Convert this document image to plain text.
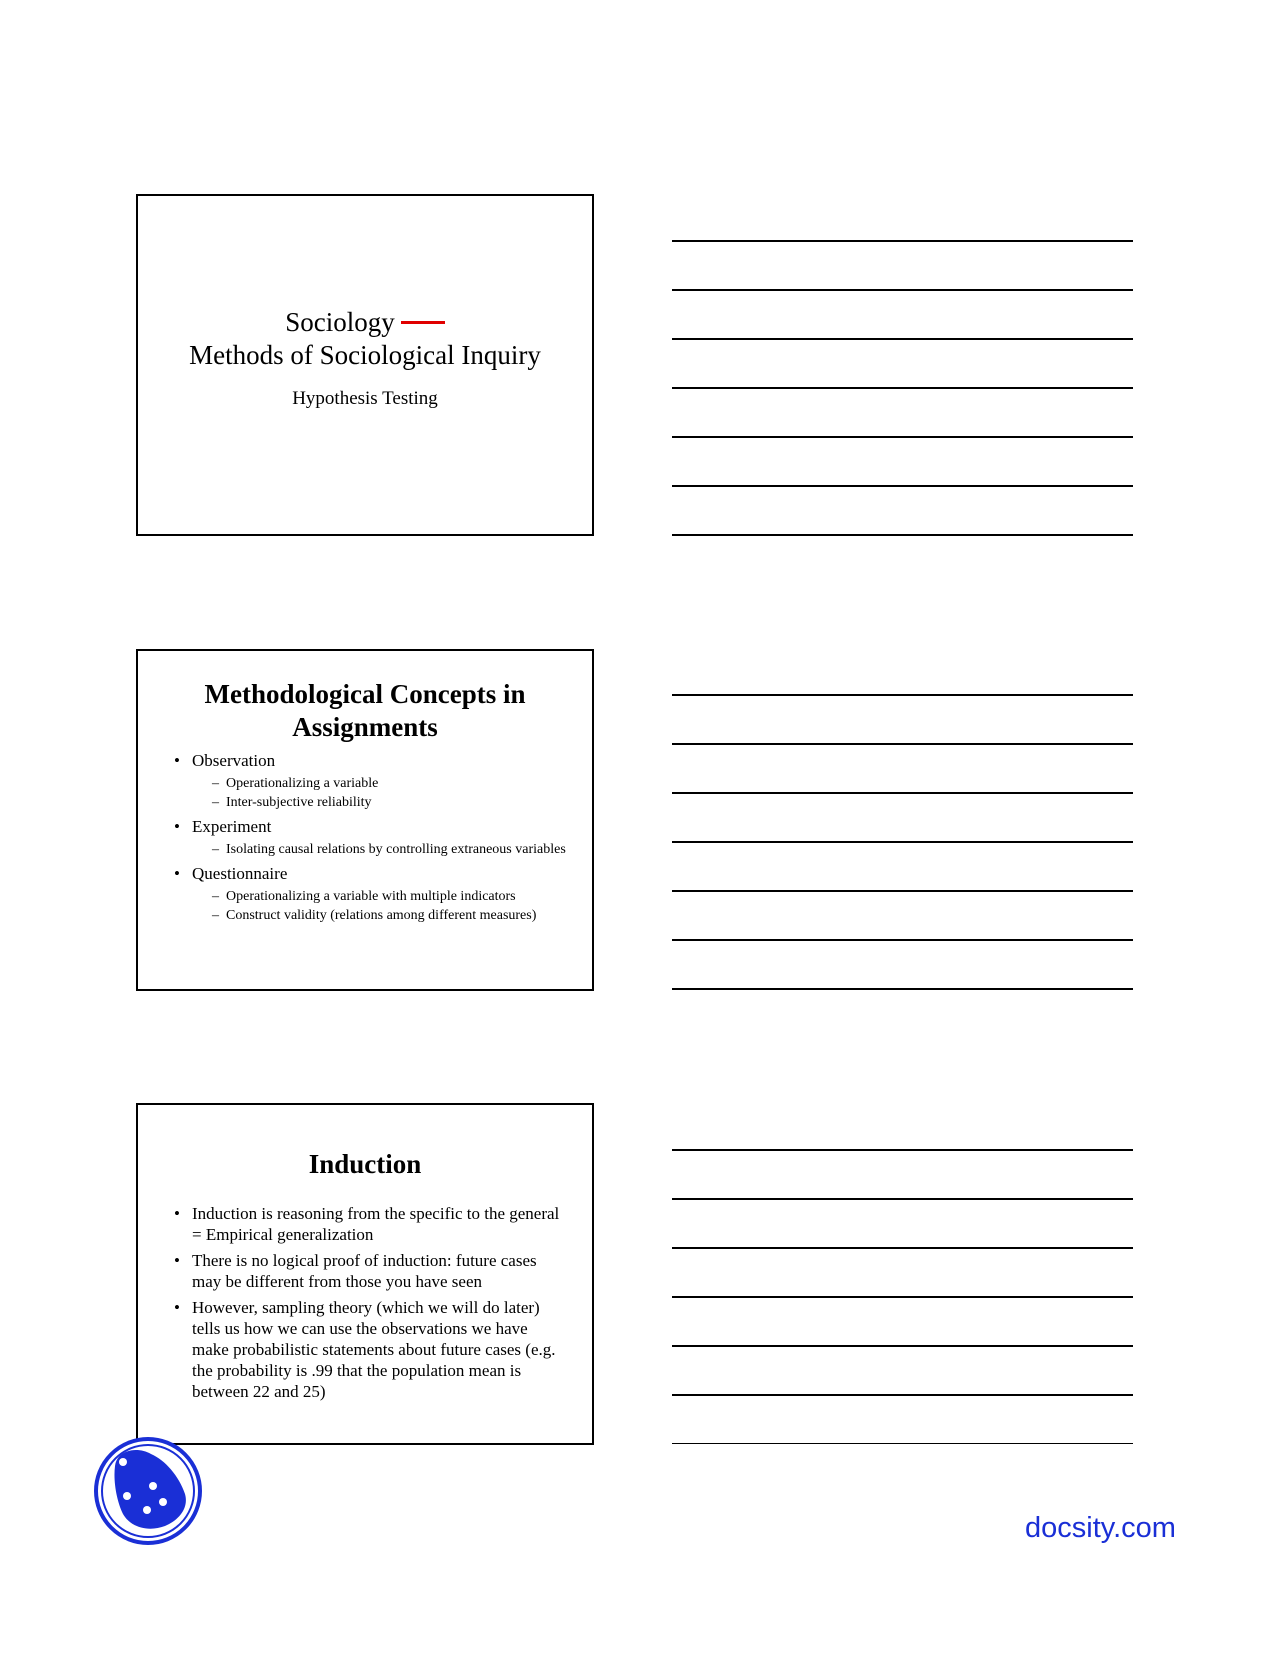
Sociology
Methods of Sociological Inquiry
Hypothesis Testing
Methodological Concepts in Assignments
• Observation
– Operationalizing a variable
– Inter-subjective reliability
• Experiment
– Isolating causal relations by controlling extraneous variables
• Questionnaire
– Operationalizing a variable with multiple indicators
– Construct validity (relations among different measures)
Induction
• Induction is reasoning from the specific to the general = Empirical generalization
• There is no logical proof of induction: future cases may be different from those you have seen
• However, sampling theory (which we will do later) tells us how we can use the observations we have make probabilistic statements about future cases (e.g. the probability is .99 that the population mean is between 22 and 25)
docsity.com
